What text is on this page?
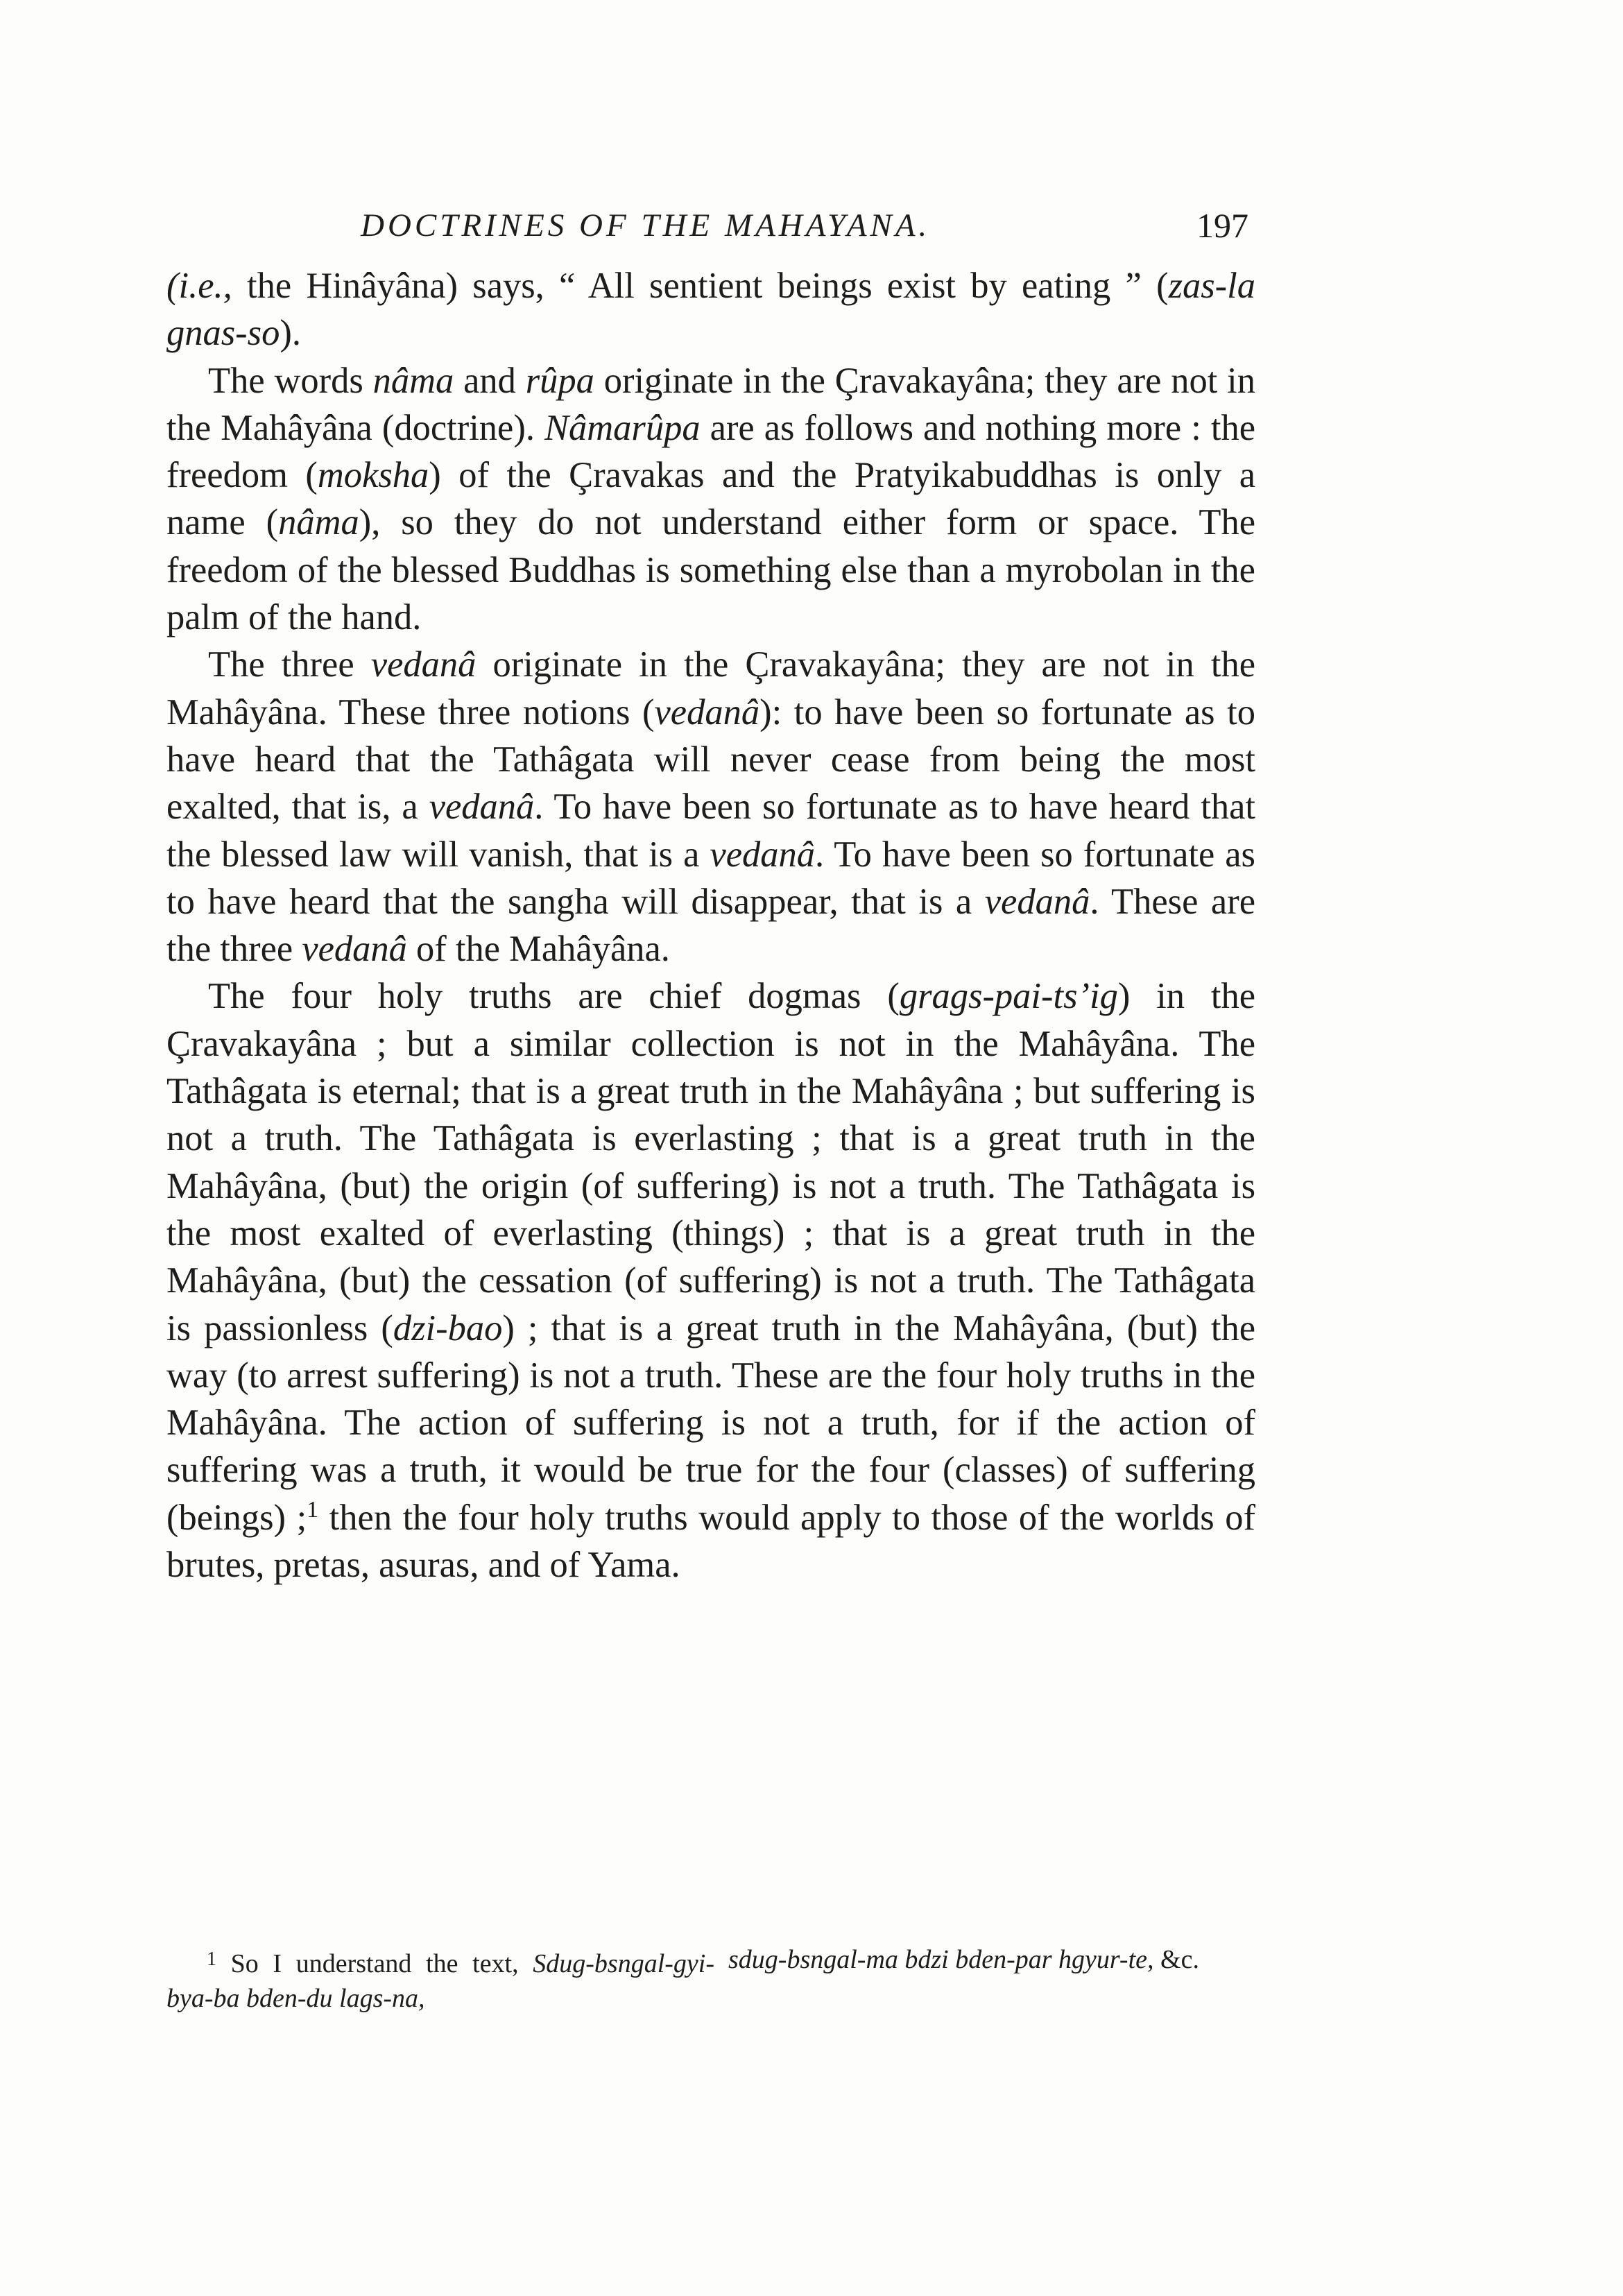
DOCTRINES OF THE MAHAYANA.	197

(i.e., the Hinâyâna) says, “ All sentient beings exist by eating ” (zas-la gnas-so).

The words nâma and rûpa originate in the Çravakayâna; they are not in the Mahâyâna (doctrine). Nâmarûpa are as follows and nothing more : the freedom (moksha) of the Çravakas and the Pratyikabuddhas is only a name (nâma), so they do not understand either form or space. The freedom of the blessed Buddhas is something else than a myrobolan in the palm of the hand.

The three vedanâ originate in the Çravakayâna; they are not in the Mahâyâna. These three notions (vedanâ): to have been so fortunate as to have heard that the Tathâgata will never cease from being the most exalted, that is, a vedanâ. To have been so fortunate as to have heard that the blessed law will vanish, that is a vedanâ. To have been so fortunate as to have heard that the sangha will disappear, that is a vedanâ. These are the three vedanâ of the Mahâyâna.

The four holy truths are chief dogmas (grags-pai-ts’ig) in the Çravakayâna ; but a similar collection is not in the Mahâyâna. The Tathâgata is eternal; that is a great truth in the Mahâyâna ; but suffering is not a truth. The Tathâgata is everlasting ; that is a great truth in the Mahâyâna, (but) the origin (of suffering) is not a truth. The Tathâgata is the most exalted of everlasting (things) ; that is a great truth in the Mahâyâna, (but) the cessation (of suffering) is not a truth. The Tathâgata is passionless (dzi-bao) ; that is a great truth in the Mahâyâna, (but) the way (to arrest suffering) is not a truth. These are the four holy truths in the Mahâyâna. The action of suffering is not a truth, for if the action of suffering was a truth, it would be true for the four (classes) of suffering (beings) ;$^1$ then the four holy truths would apply to those of the worlds of brutes, pretas, asuras, and of Yama.

$^1$ So I understand the text, Sdug-bsngal-gyi-bya-ba bden-du lags-na,
sdug-bsngal-ma bdzi bden-par hgyur-te, &c.
